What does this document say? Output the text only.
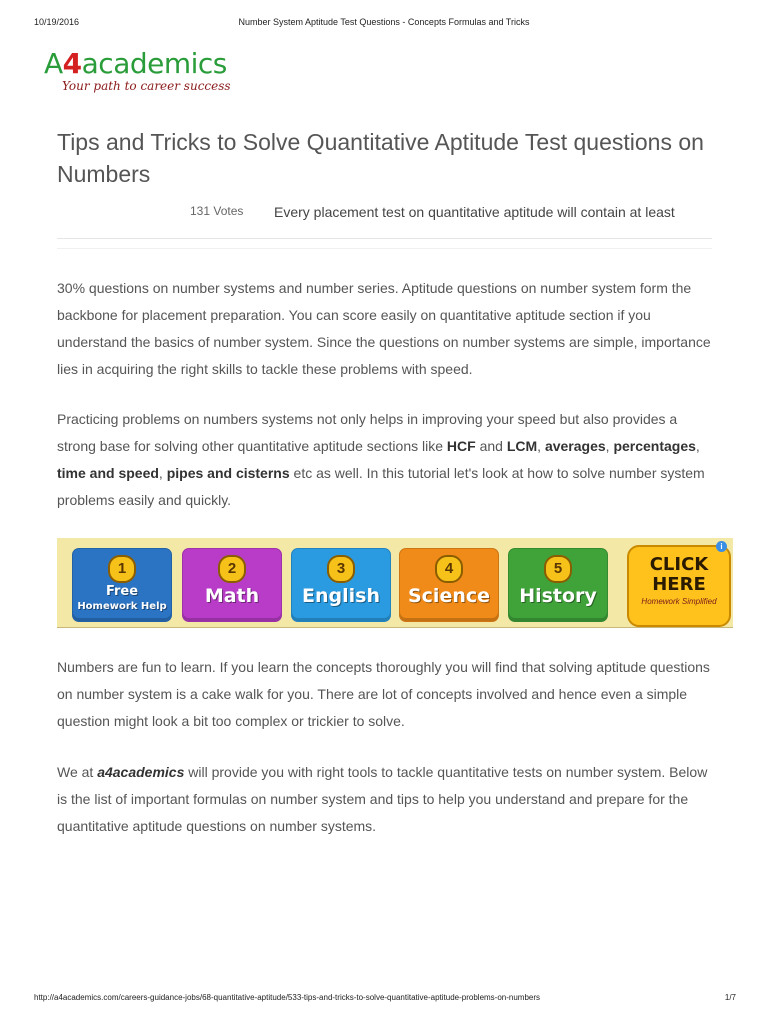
10/19/2016	Number System Aptitude Test Questions - Concepts Formulas and Tricks
A4academics
Your path to career success
Tips and Tricks to Solve Quantitative Aptitude Test questions on Numbers
131 Votes Every placement test on quantitative aptitude will contain at least

30% questions on number systems and number series. Aptitude questions on number system form the backbone for placement preparation. You can score easily on quantitative aptitude section if you understand the basics of number system. Since the questions on number systems are simple, importance lies in acquiring the right skills to tackle these problems with speed.

Practicing problems on numbers systems not only helps in improving your speed but also provides a strong base for solving other quantitative aptitude sections like HCF and LCM, averages, percentages, time and speed, pipes and cisterns etc as well. In this tutorial let's look at how to solve number system problems easily and quickly.

1
Free
Homework Help
2
Math
3
English
4
Science
5
History
CLICK
HERE
Homework Simplified
i

Numbers are fun to learn. If you learn the concepts thoroughly you will find that solving aptitude questions on number system is a cake walk for you. There are lot of concepts involved and hence even a simple question might look a bit too complex or trickier to solve.

We at a4academics will provide you with right tools to tackle quantitative tests on number system. Below is the list of important formulas on number system and tips to help you understand and prepare for the quantitative aptitude questions on number systems.

http://a4academics.com/careers-guidance-jobs/68-quantitative-aptitude/533-tips-and-tricks-to-solve-quantitative-aptitude-problems-on-numbers	1/7
